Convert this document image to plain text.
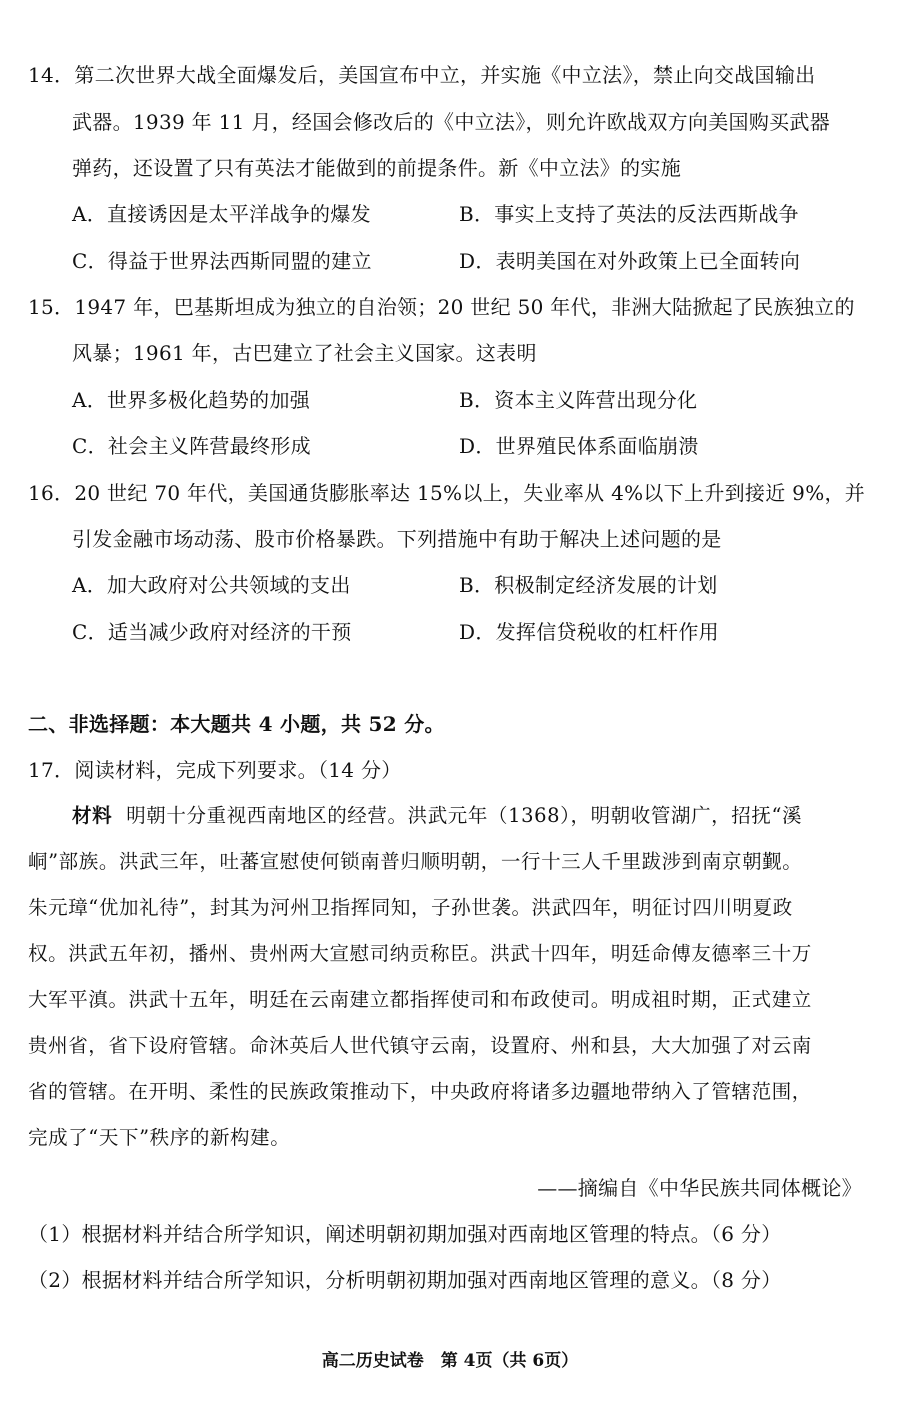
14．第二次世界大战全面爆发后，美国宣布中立，并实施《中立法》，禁止向交战国输出
武器。1939 年 11 月，经国会修改后的《中立法》，则允许欧战双方向美国购买武器
弹药，还设置了只有英法才能做到的前提条件。新《中立法》的实施
A．直接诱因是太平洋战争的爆发	B．事实上支持了英法的反法西斯战争
C．得益于世界法西斯同盟的建立	D．表明美国在对外政策上已全面转向
15．1947 年，巴基斯坦成为独立的自治领；20 世纪 50 年代，非洲大陆掀起了民族独立的
风暴；1961 年，古巴建立了社会主义国家。这表明
A．世界多极化趋势的加强	B．资本主义阵营出现分化
C．社会主义阵营最终形成	D．世界殖民体系面临崩溃
16．20 世纪 70 年代，美国通货膨胀率达 15%以上，失业率从 4%以下上升到接近 9%，并
引发金融市场动荡、股市价格暴跌。下列措施中有助于解决上述问题的是
A．加大政府对公共领域的支出	B．积极制定经济发展的计划
C．适当减少政府对经济的干预	D．发挥信贷税收的杠杆作用
二、非选择题：本大题共 4 小题，共 52 分。
17．阅读材料，完成下列要求。（14 分）
材料 明朝十分重视西南地区的经营。洪武元年（1368），明朝收管湖广，招抚“溪
峒”部族。洪武三年，吐蕃宣慰使何锁南普归顺明朝，一行十三人千里跋涉到南京朝觐。
朱元璋“优加礼待”，封其为河州卫指挥同知，子孙世袭。洪武四年，明征讨四川明夏政
权。洪武五年初，播州、贵州两大宣慰司纳贡称臣。洪武十四年，明廷命傅友德率三十万
大军平滇。洪武十五年，明廷在云南建立都指挥使司和布政使司。明成祖时期，正式建立
贵州省，省下设府管辖。命沐英后人世代镇守云南，设置府、州和县，大大加强了对云南
省的管辖。在开明、柔性的民族政策推动下，中央政府将诸多边疆地带纳入了管辖范围，
完成了“天下”秩序的新构建。
——摘编自《中华民族共同体概论》
（1）根据材料并结合所学知识，阐述明朝初期加强对西南地区管理的特点。（6 分）
（2）根据材料并结合所学知识，分析明朝初期加强对西南地区管理的意义。（8 分）
高二历史试卷　第 4页（共 6页）
